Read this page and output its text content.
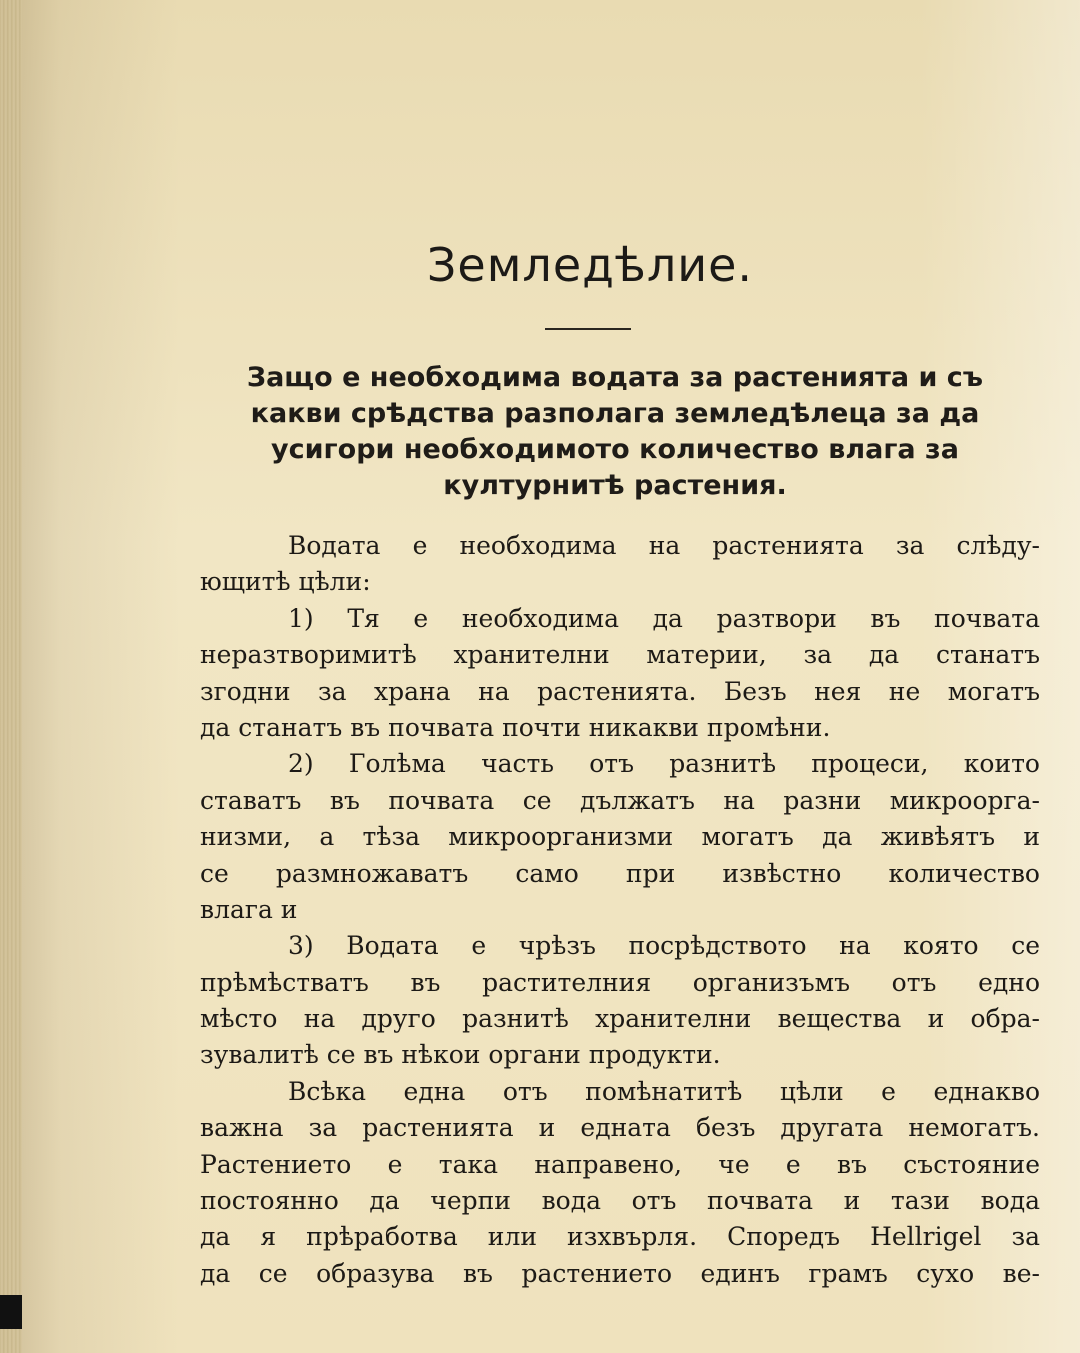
Земледѣлие.
Защо е необходима водата за растенията и съ
какви срѣдства разполага земледѣлеца за да
усигори необходимото количество влага за
културнитѣ растения.
Водата е необходима на растенията за слѣду-
ющитѣ цѣли:
1) Тя е необходима да разтвори въ почвата
неразтворимитѣ хранителни материи, за да станатъ
згодни за храна на растенията. Безъ нея не могатъ
да станатъ въ почвата почти никакви промѣни.
2) Голѣма часть отъ разнитѣ процеси, които
ставатъ въ почвата се дължатъ на разни микроорга-
низми, а тѣза микроорганизми могатъ да живѣятъ и
се размножаватъ само при извѣстно количество
влага и
3) Водата е чрѣзъ посрѣдството на която се
прѣмѣстватъ въ растителния организъмъ отъ едно
мѣсто на друго разнитѣ хранителни вещества и обра-
зувалитѣ се въ нѣкои органи продукти.
Всѣка една отъ помѣнатитѣ цѣли е еднакво
важна за растенията и едната безъ другата немогатъ.
Растението е така направено, че е въ състояние
постоянно да черпи вода отъ почвата и тази вода
да я прѣработва или изхвърля. Споредъ Hellrigel за
да се образува въ растението единъ грамъ сухо ве-
